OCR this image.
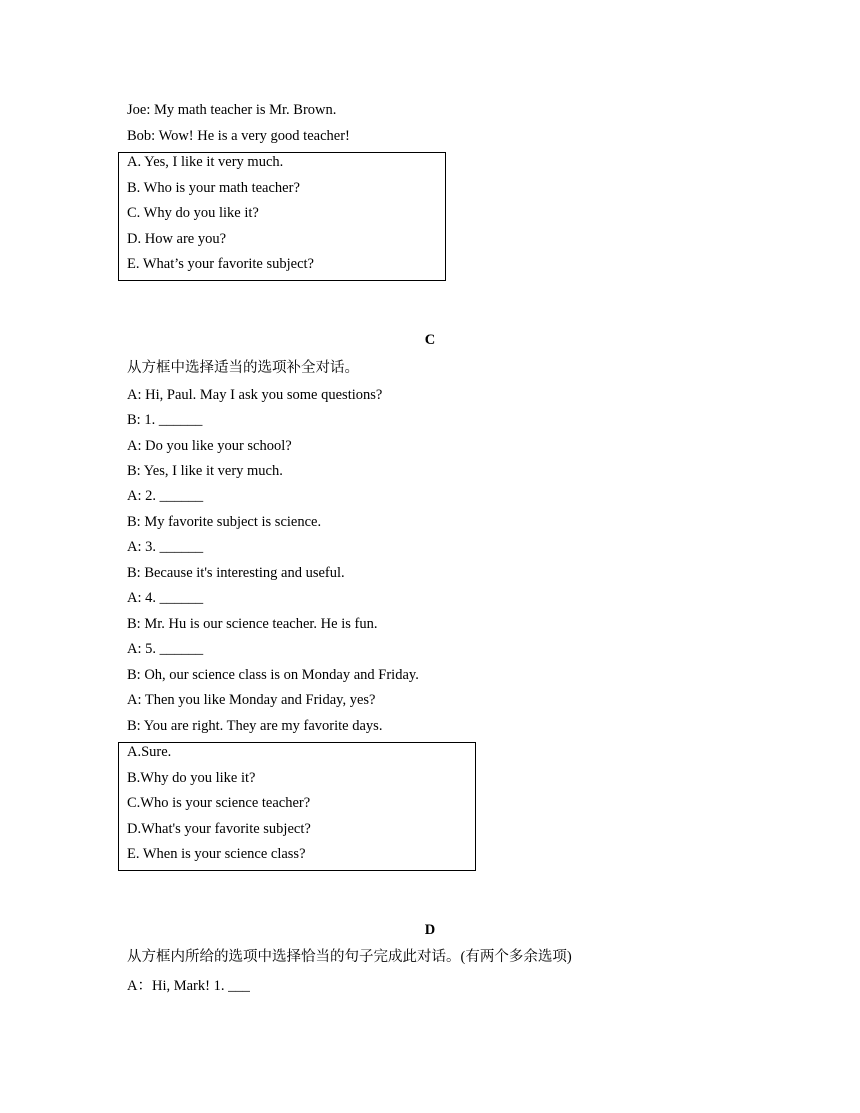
Joe: My math teacher is Mr. Brown.
Bob: Wow! He is a very good teacher!
A. Yes, I like it very much.
B. Who is your math teacher?
C. Why do you like it?
D. How are you?
E. What’s your favorite subject?
C
从方框中选择适当的选项补全对话。
A: Hi, Paul. May I ask you some questions?
B: 1. ______
A: Do you like your school?
B: Yes, I like it very much.
A: 2. ______
B: My favorite subject is science.
A: 3. ______
B: Because it's interesting and useful.
A: 4. ______
B: Mr. Hu is our science teacher. He is fun.
A: 5. ______
B: Oh, our science class is on Monday and Friday.
A: Then you like Monday and Friday, yes?
B: You are right. They are my favorite days.
A.Sure.
B.Why do you like it?
C.Who is your science teacher?
D.What's your favorite subject?
E. When is your science class?
D
从方框内所给的选项中选择恰当的句子完成此对话。(有两个多余选项)
A：Hi, Mark! 1. ___
